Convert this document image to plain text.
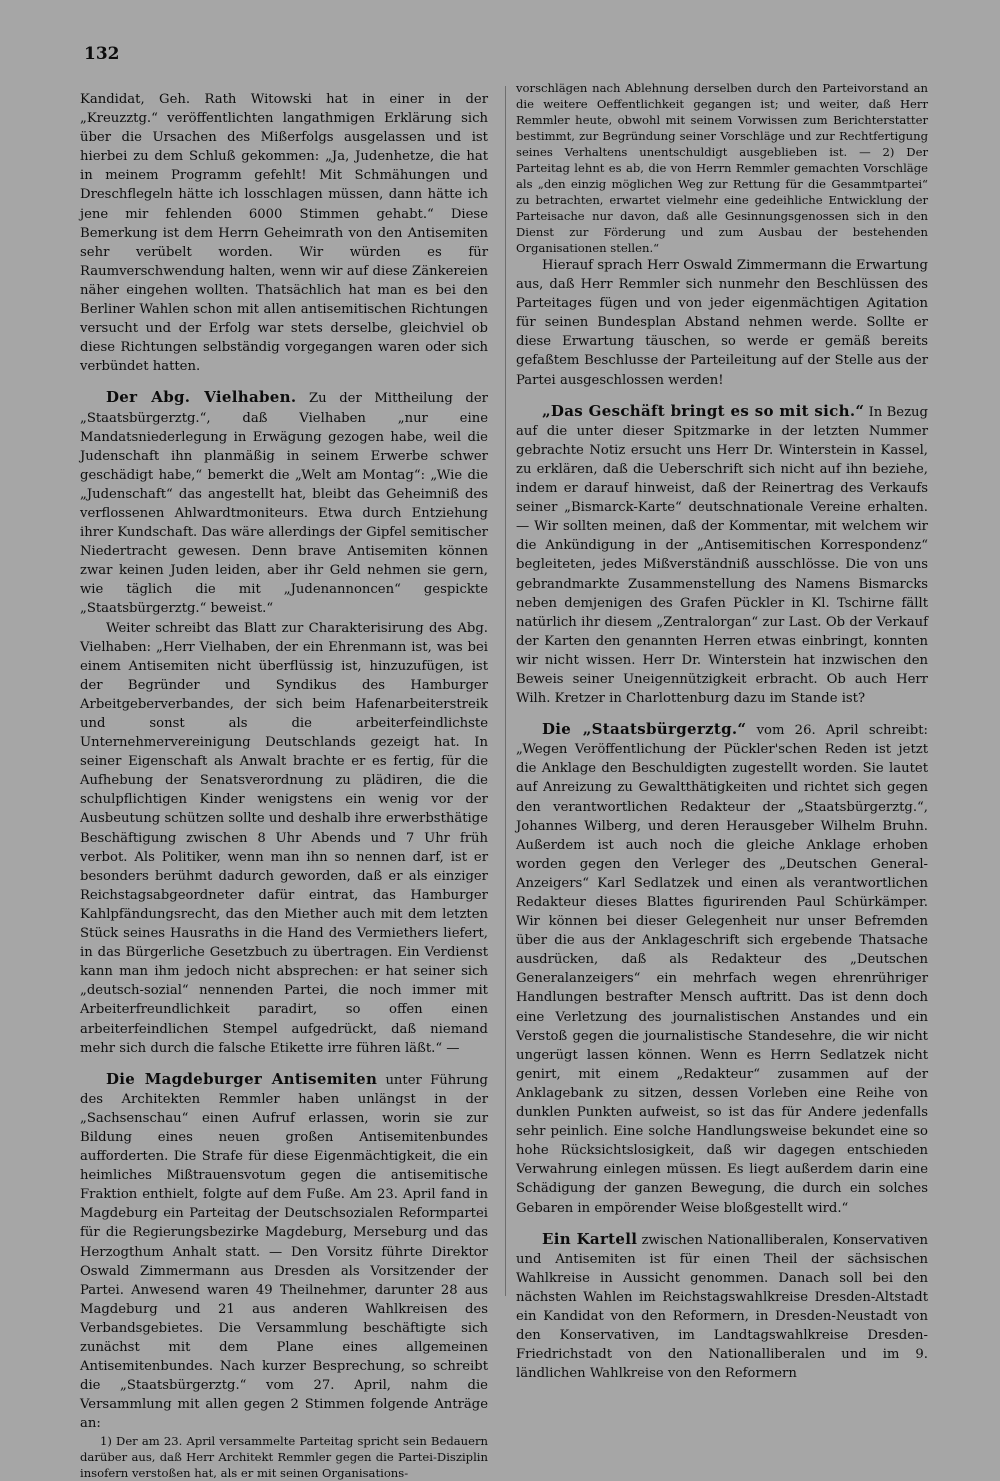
132

Kandidat, Geh. Rath Witowski hat in einer in der „Kreuzztg.“ veröffentlichten langathmigen Erklärung sich über die Ursachen des Mißerfolgs ausgelassen und ist hierbei zu dem Schluß gekommen: „Ja, Judenhetze, die hat in meinem Programm gefehlt! Mit Schmähungen und Dreschflegeln hätte ich losschlagen müssen, dann hätte ich jene mir fehlenden 6000 Stimmen gehabt.“ Diese Bemerkung ist dem Herrn Geheimrath von den Antisemiten sehr verübelt worden. Wir würden es für Raumverschwendung halten, wenn wir auf diese Zänkereien näher eingehen wollten. Thatsächlich hat man es bei den Berliner Wahlen schon mit allen antisemitischen Richtungen versucht und der Erfolg war stets derselbe, gleichviel ob diese Richtungen selbständig vorgegangen waren oder sich verbündet hatten.

Der Abg. Vielhaben. Zu der Mittheilung der „Staatsbürgerztg.“, daß Vielhaben „nur eine Mandatsniederlegung in Erwägung gezogen habe, weil die Judenschaft ihn planmäßig in seinem Erwerbe schwer geschädigt habe,“ bemerkt die „Welt am Montag“: „Wie die „Judenschaft“ das angestellt hat, bleibt das Geheimniß des verflossenen Ahlwardtmoniteurs. Etwa durch Entziehung ihrer Kundschaft. Das wäre allerdings der Gipfel semitischer Niedertracht gewesen. Denn brave Antisemiten können zwar keinen Juden leiden, aber ihr Geld nehmen sie gern, wie täglich die mit „Judenannoncen“ gespickte „Staatsbürgerztg.“ beweist.“

Weiter schreibt das Blatt zur Charakterisirung des Abg. Vielhaben: „Herr Vielhaben, der ein Ehrenmann ist, was bei einem Antisemiten nicht überflüssig ist, hinzuzufügen, ist der Begründer und Syndikus des Hamburger Arbeitgeberverbandes, der sich beim Hafenarbeiterstreik und sonst als die arbeiterfeindlichste Unternehmervereinigung Deutschlands gezeigt hat. In seiner Eigenschaft als Anwalt brachte er es fertig, für die Aufhebung der Senatsverordnung zu plädiren, die die schulpflichtigen Kinder wenigstens ein wenig vor der Ausbeutung schützen sollte und deshalb ihre erwerbsthätige Beschäftigung zwischen 8 Uhr Abends und 7 Uhr früh verbot. Als Politiker, wenn man ihn so nennen darf, ist er besonders berühmt dadurch geworden, daß er als einziger Reichstagsabgeordneter dafür eintrat, das Hamburger Kahlpfändungsrecht, das den Miether auch mit dem letzten Stück seines Hausraths in die Hand des Vermiethers liefert, in das Bürgerliche Gesetzbuch zu übertragen. Ein Verdienst kann man ihm jedoch nicht absprechen: er hat seiner sich „deutsch-sozial“ nennenden Partei, die noch immer mit Arbeiterfreundlichkeit paradirt, so offen einen arbeiterfeindlichen Stempel aufgedrückt, daß niemand mehr sich durch die falsche Etikette irre führen läßt.“ —

Die Magdeburger Antisemiten unter Führung des Architekten Remmler haben unlängst in der „Sachsenschau“ einen Aufruf erlassen, worin sie zur Bildung eines neuen großen Antisemitenbundes aufforderten. Die Strafe für diese Eigenmächtigkeit, die ein heimliches Mißtrauensvotum gegen die antisemitische Fraktion enthielt, folgte auf dem Fuße. Am 23. April fand in Magdeburg ein Parteitag der Deutschsozialen Reformpartei für die Regierungsbezirke Magdeburg, Merseburg und das Herzogthum Anhalt statt. — Den Vorsitz führte Direktor Oswald Zimmermann aus Dresden als Vorsitzender der Partei. Anwesend waren 49 Theilnehmer, darunter 28 aus Magdeburg und 21 aus anderen Wahlkreisen des Verbandsgebietes. Die Versammlung beschäftigte sich zunächst mit dem Plane eines allgemeinen Antisemitenbundes. Nach kurzer Besprechung, so schreibt die „Staatsbürgerztg.“ vom 27. April, nahm die Versammlung mit allen gegen 2 Stimmen folgende Anträge an:

1) Der am 23. April versammelte Parteitag spricht sein Bedauern darüber aus, daß Herr Architekt Remmler gegen die Partei-Disziplin insofern verstoßen hat, als er mit seinen Organisations-

vorschlägen nach Ablehnung derselben durch den Parteivorstand an die weitere Oeffentlichkeit gegangen ist; und weiter, daß Herr Remmler heute, obwohl mit seinem Vorwissen zum Berichterstatter bestimmt, zur Begründung seiner Vorschläge und zur Rechtfertigung seines Verhaltens unentschuldigt ausgeblieben ist. — 2) Der Parteitag lehnt es ab, die von Herrn Remmler gemachten Vorschläge als „den einzig möglichen Weg zur Rettung für die Gesammtpartei“ zu betrachten, erwartet vielmehr eine gedeihliche Entwicklung der Parteisache nur davon, daß alle Gesinnungsgenossen sich in den Dienst zur Förderung und zum Ausbau der bestehenden Organisationen stellen.“

Hierauf sprach Herr Oswald Zimmermann die Erwartung aus, daß Herr Remmler sich nunmehr den Beschlüssen des Parteitages fügen und von jeder eigenmächtigen Agitation für seinen Bundesplan Abstand nehmen werde. Sollte er diese Erwartung täuschen, so werde er gemäß bereits gefaßtem Beschlusse der Parteileitung auf der Stelle aus der Partei ausgeschlossen werden!

„Das Geschäft bringt es so mit sich.“ In Bezug auf die unter dieser Spitzmarke in der letzten Nummer gebrachte Notiz ersucht uns Herr Dr. Winterstein in Kassel, zu erklären, daß die Ueberschrift sich nicht auf ihn beziehe, indem er darauf hinweist, daß der Reinertrag des Verkaufs seiner „Bismarck-Karte“ deutschnationale Vereine erhalten. — Wir sollten meinen, daß der Kommentar, mit welchem wir die Ankündigung in der „Antisemitischen Korrespondenz“ begleiteten, jedes Mißverständniß ausschlösse. Die von uns gebrandmarkte Zusammenstellung des Namens Bismarcks neben demjenigen des Grafen Pückler in Kl. Tschirne fällt natürlich ihr diesem „Zentralorgan“ zur Last. Ob der Verkauf der Karten den genannten Herren etwas einbringt, konnten wir nicht wissen. Herr Dr. Winterstein hat inzwischen den Beweis seiner Uneigennützigkeit erbracht. Ob auch Herr Wilh. Kretzer in Charlottenburg dazu im Stande ist?

Die „Staatsbürgerztg.“ vom 26. April schreibt: „Wegen Veröffentlichung der Pückler'schen Reden ist jetzt die Anklage den Beschuldigten zugestellt worden. Sie lautet auf Anreizung zu Gewaltthätigkeiten und richtet sich gegen den verantwortlichen Redakteur der „Staatsbürgerztg.“, Johannes Wilberg, und deren Herausgeber Wilhelm Bruhn. Außerdem ist auch noch die gleiche Anklage erhoben worden gegen den Verleger des „Deutschen General-Anzeigers“ Karl Sedlatzek und einen als verantwortlichen Redakteur dieses Blattes figurirenden Paul Schürkämper. Wir können bei dieser Gelegenheit nur unser Befremden über die aus der Anklageschrift sich ergebende Thatsache ausdrücken, daß als Redakteur des „Deutschen Generalanzeigers“ ein mehrfach wegen ehrenrühriger Handlungen bestrafter Mensch auftritt. Das ist denn doch eine Verletzung des journalistischen Anstandes und ein Verstoß gegen die journalistische Standesehre, die wir nicht ungerügt lassen können. Wenn es Herrn Sedlatzek nicht genirt, mit einem „Redakteur“ zusammen auf der Anklagebank zu sitzen, dessen Vorleben eine Reihe von dunklen Punkten aufweist, so ist das für Andere jedenfalls sehr peinlich. Eine solche Handlungsweise bekundet eine so hohe Rücksichtslosigkeit, daß wir dagegen entschieden Verwahrung einlegen müssen. Es liegt außerdem darin eine Schädigung der ganzen Bewegung, die durch ein solches Gebaren in empörender Weise bloßgestellt wird.“

Ein Kartell zwischen Nationalliberalen, Konservativen und Antisemiten ist für einen Theil der sächsischen Wahlkreise in Aussicht genommen. Danach soll bei den nächsten Wahlen im Reichstagswahlkreise Dresden-Altstadt ein Kandidat von den Reformern, in Dresden-Neustadt von den Konservativen, im Landtagswahlkreise Dresden-Friedrichstadt von den Nationalliberalen und im 9. ländlichen Wahlkreise von den Reformern
